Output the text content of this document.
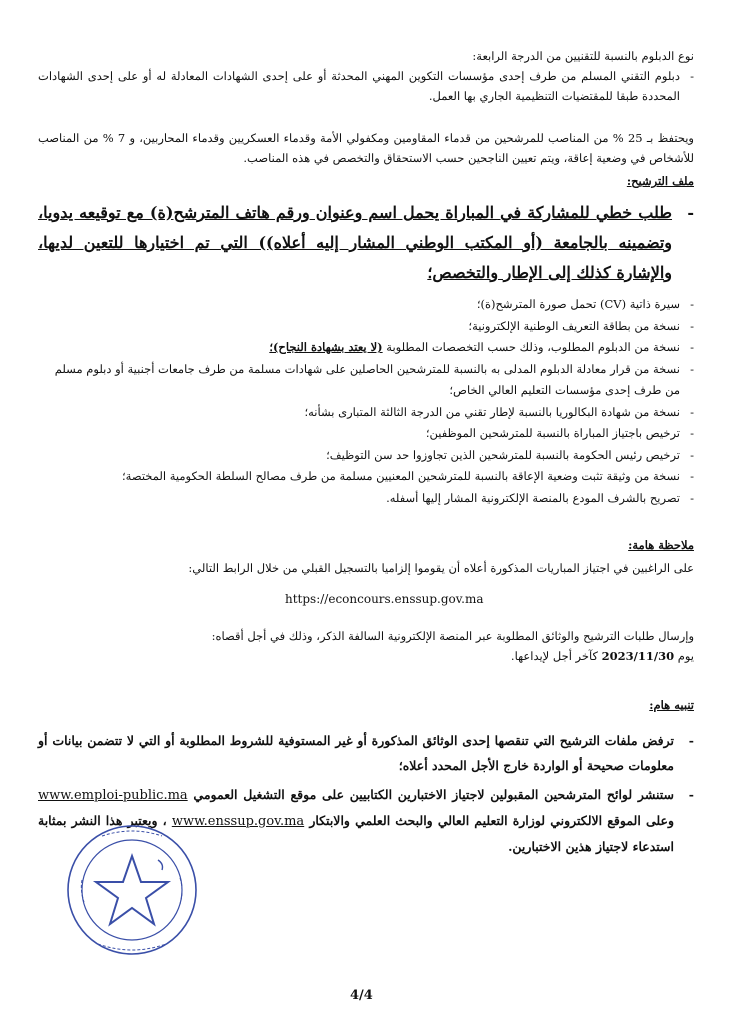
نوع الدبلوم بالنسبة للتقنيين من الدرجة الرابعة:

-
دبلوم التقني المسلم من طرف إحدى مؤسسات التكوين المهني المحدثة أو على إحدى الشهادات المعادلة له أو على إحدى الشهادات المحددة طبقا للمقتضيات التنظيمية الجاري بها العمل.

ويحتفظ بـ 25 % من المناصب للمرشحين من قدماء المقاومين ومكفولي الأمة وقدماء العسكريين وقدماء المحاربين، و 7 % من المناصب للأشخاص في وضعية إعاقة، ويتم تعيين الناجحين حسب الاستحقاق والتخصص في هذه المناصب.

ملف الترشيح:

-
طلب خطي للمشاركة في المباراة يحمل اسم وعنوان ورقم هاتف المترشح(ة) مع توقيعه يدويا، وتضمينه بالجامعة (أو المكتب الوطني المشار إليه أعلاه)) التي تم اختيارها للتعين لديها، والإشارة كذلك إلى الإطار والتخصص؛

-
سيرة ذاتية (CV) تحمل صورة المترشح(ة)؛
-
نسخة من بطاقة التعريف الوطنية الإلكترونية؛
-
نسخة من الدبلوم المطلوب، وذلك حسب التخصصات المطلوبة (لا يعتد بشهادة النجاح)؛
-
نسخة من قرار معادلة الدبلوم المدلى به بالنسبة للمترشحين الحاصلين على شهادات مسلمة من طرف جامعات أجنبية أو دبلوم مسلم من طرف إحدى مؤسسات التعليم العالي الخاص؛
-
نسخة من شهادة البكالوريا بالنسبة لإطار تقني من الدرجة الثالثة المتبارى بشأنه؛
-
ترخيص باجتياز المباراة بالنسبة للمترشحين الموظفين؛
-
ترخيص رئيس الحكومة بالنسبة للمترشحين الذين تجاوزوا حد سن التوظيف؛
-
نسخة من وثيقة تثبت وضعية الإعاقة بالنسبة للمترشحين المعنيين مسلمة من طرف مصالح السلطة الحكومية المختصة؛
-
تصريح بالشرف المودع بالمنصة الإلكترونية المشار إليها أسفله.

ملاحظة هامة:

على الراغبين في اجتياز المباريات المذكورة أعلاه أن يقوموا إلزاميا بالتسجيل القبلي من خلال الرابط التالي:

https://econcours.enssup.gov.ma

وإرسال طلبات الترشيح والوثائق المطلوبة عبر المنصة الإلكترونية السالفة الذكر، وذلك في أجل أقصاه:

يوم 2023/11/30 كآخر أجل لإيداعها.

تنبيه هام:

-
ترفض ملفات الترشيح التي تنقصها إحدى الوثائق المذكورة أو غير المستوفية للشروط المطلوبة أو التي لا تتضمن بيانات أو معلومات صحيحة أو الواردة خارج الأجل المحدد أعلاه؛

-
ستنشر لوائح المترشحين المقبولين لاجتياز الاختبارين الكتابيين على موقع التشغيل العمومي www.emploi-public.ma وعلى الموقع الالكتروني لوزارة التعليم العالي والبحث العلمي والابتكار www.enssup.gov.ma ، ويعتبر هذا النشر بمثابة استدعاء لاجتياز هذين الاختبارين.

4/4
